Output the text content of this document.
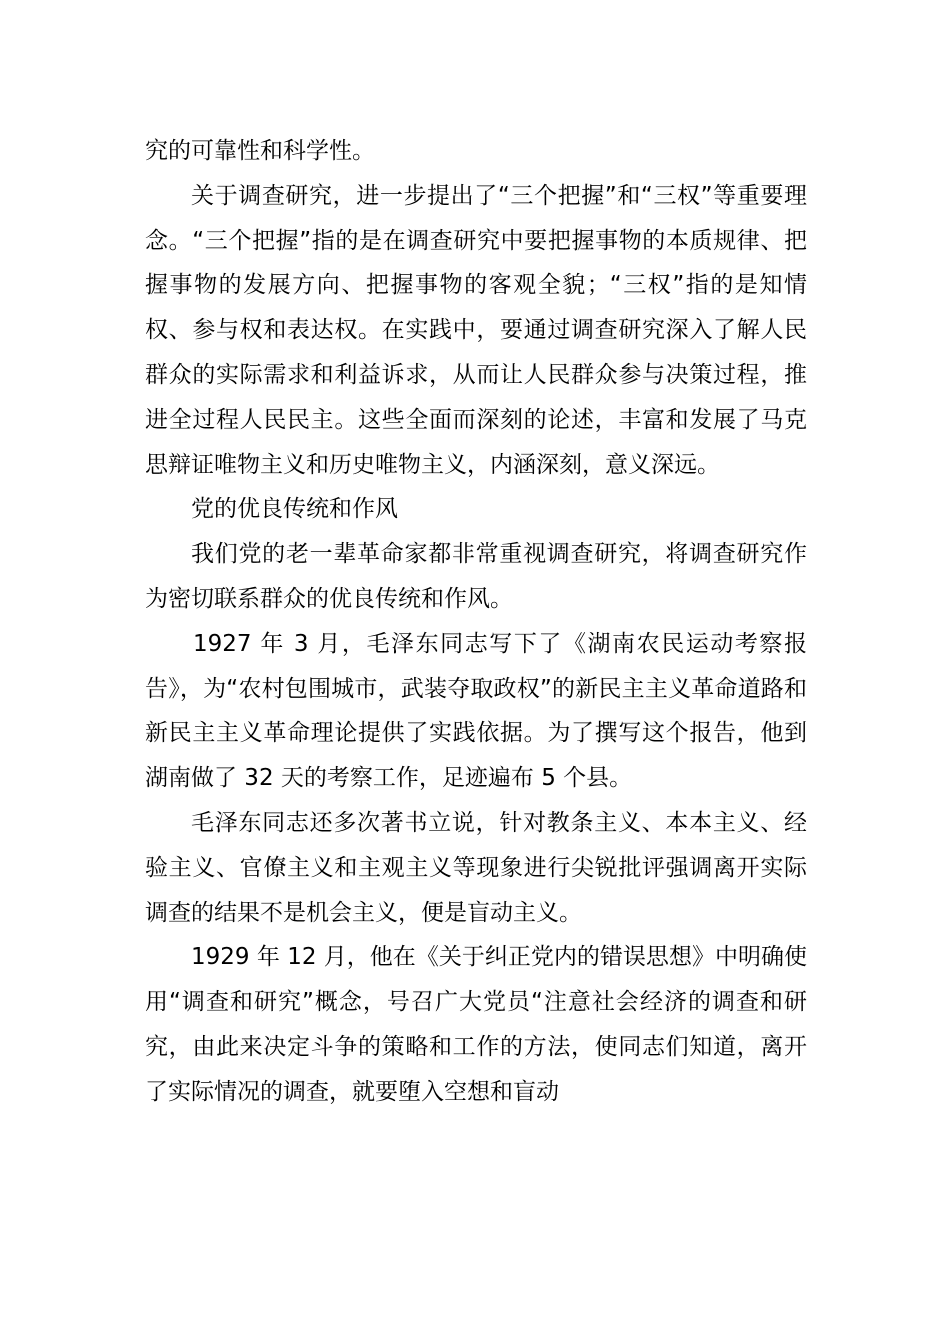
究的可靠性和科学性。

关于调查研究，进一步提出了“三个把握”和“三权”等重要理念。“三个把握”指的是在调查研究中要把握事物的本质规律、把握事物的发展方向、把握事物的客观全貌；“三权”指的是知情权、参与权和表达权。在实践中，要通过调查研究深入了解人民群众的实际需求和利益诉求，从而让人民群众参与决策过程，推进全过程人民民主。这些全面而深刻的论述，丰富和发展了马克思辩证唯物主义和历史唯物主义，内涵深刻，意义深远。

党的优良传统和作风

我们党的老一辈革命家都非常重视调查研究，将调查研究作为密切联系群众的优良传统和作风。

1927 年 3 月，毛泽东同志写下了《湖南农民运动考察报告》，为“农村包围城市，武装夺取政权”的新民主主义革命道路和新民主主义革命理论提供了实践依据。为了撰写这个报告，他到湖南做了 32 天的考察工作，足迹遍布 5 个县。

毛泽东同志还多次著书立说，针对教条主义、本本主义、经验主义、官僚主义和主观主义等现象进行尖锐批评强调离开实际调查的结果不是机会主义，便是盲动主义。

1929 年 12 月，他在《关于纠正党内的错误思想》中明确使用“调查和研究”概念，号召广大党员“注意社会经济的调查和研究，由此来决定斗争的策略和工作的方法，使同志们知道，离开了实际情况的调查，就要堕入空想和盲动
